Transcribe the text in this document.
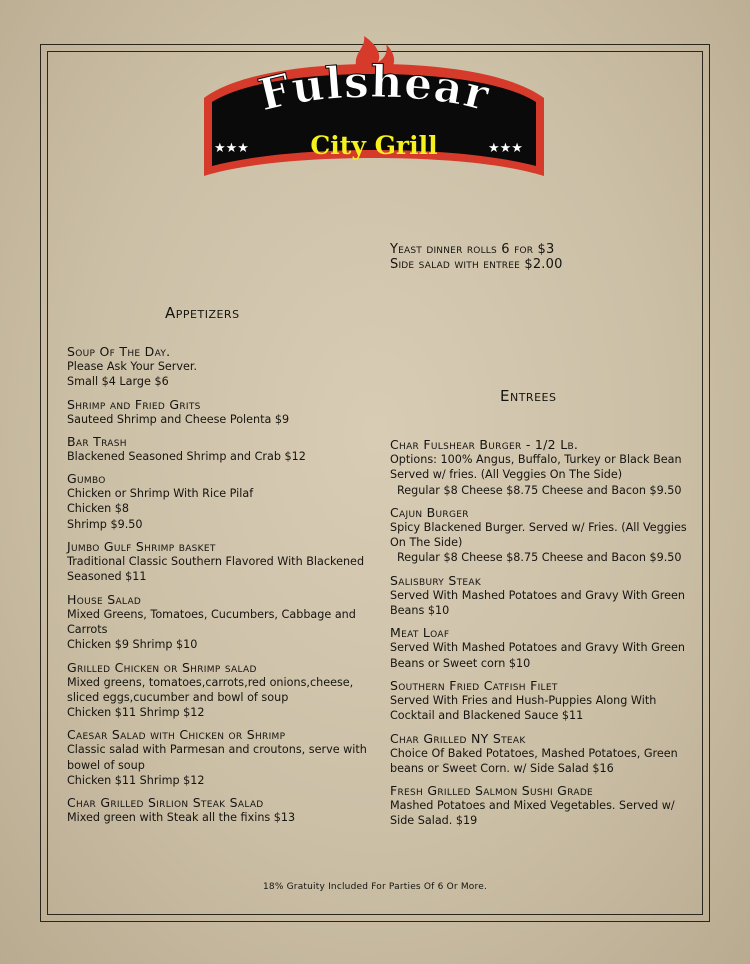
Fulshear
★★★	★★★
City Grill
Yeast dinner rolls 6 for $3
Side salad with entree $2.00
Appetizers
Entrees
Soup Of The Day.
Please Ask Your Server.
Small $4 Large $6
Shrimp and Fried Grits
Sauteed Shrimp and Cheese Polenta $9
Bar Trash
Blackened Seasoned Shrimp and Crab $12
Gumbo
Chicken or Shrimp With Rice Pilaf
Chicken $8
Shrimp $9.50
Jumbo Gulf Shrimp basket
Traditional Classic Southern Flavored With Blackened
Seasoned $11
House Salad
Mixed Greens, Tomatoes, Cucumbers, Cabbage and
Carrots
Chicken $9 Shrimp $10
Grilled Chicken or Shrimp salad
Mixed greens, tomatoes,carrots,red onions,cheese,
sliced eggs,cucumber and bowl of soup
Chicken $11 Shrimp $12
Caesar Salad with Chicken or Shrimp
Classic salad with Parmesan and croutons, serve with
bowel of soup
Chicken $11 Shrimp $12
Char Grilled Sirlion Steak Salad
Mixed green with Steak all the fixins $13
Char Fulshear Burger - 1/2 Lb.
Options: 100% Angus, Buffalo, Turkey or Black Bean
Served w/ fries. (All Veggies On The Side)
Regular $8 Cheese $8.75 Cheese and Bacon $9.50
Cajun Burger
Spicy Blackened Burger. Served w/ Fries. (All Veggies
On The Side)
Regular $8 Cheese $8.75 Cheese and Bacon $9.50
Salisbury Steak
Served With Mashed Potatoes and Gravy With Green
Beans $10
Meat Loaf
Served With Mashed Potatoes and Gravy With Green
Beans or Sweet corn $10
Southern Fried Catfish Filet
Served With Fries and Hush-Puppies Along With
Cocktail and Blackened Sauce $11
Char Grilled NY Steak
Choice Of Baked Potatoes, Mashed Potatoes, Green
beans or Sweet Corn. w/ Side Salad $16
Fresh Grilled Salmon Sushi Grade
Mashed Potatoes and Mixed Vegetables. Served w/
Side Salad. $19
18% Gratuity Included For Parties Of 6 Or More.
